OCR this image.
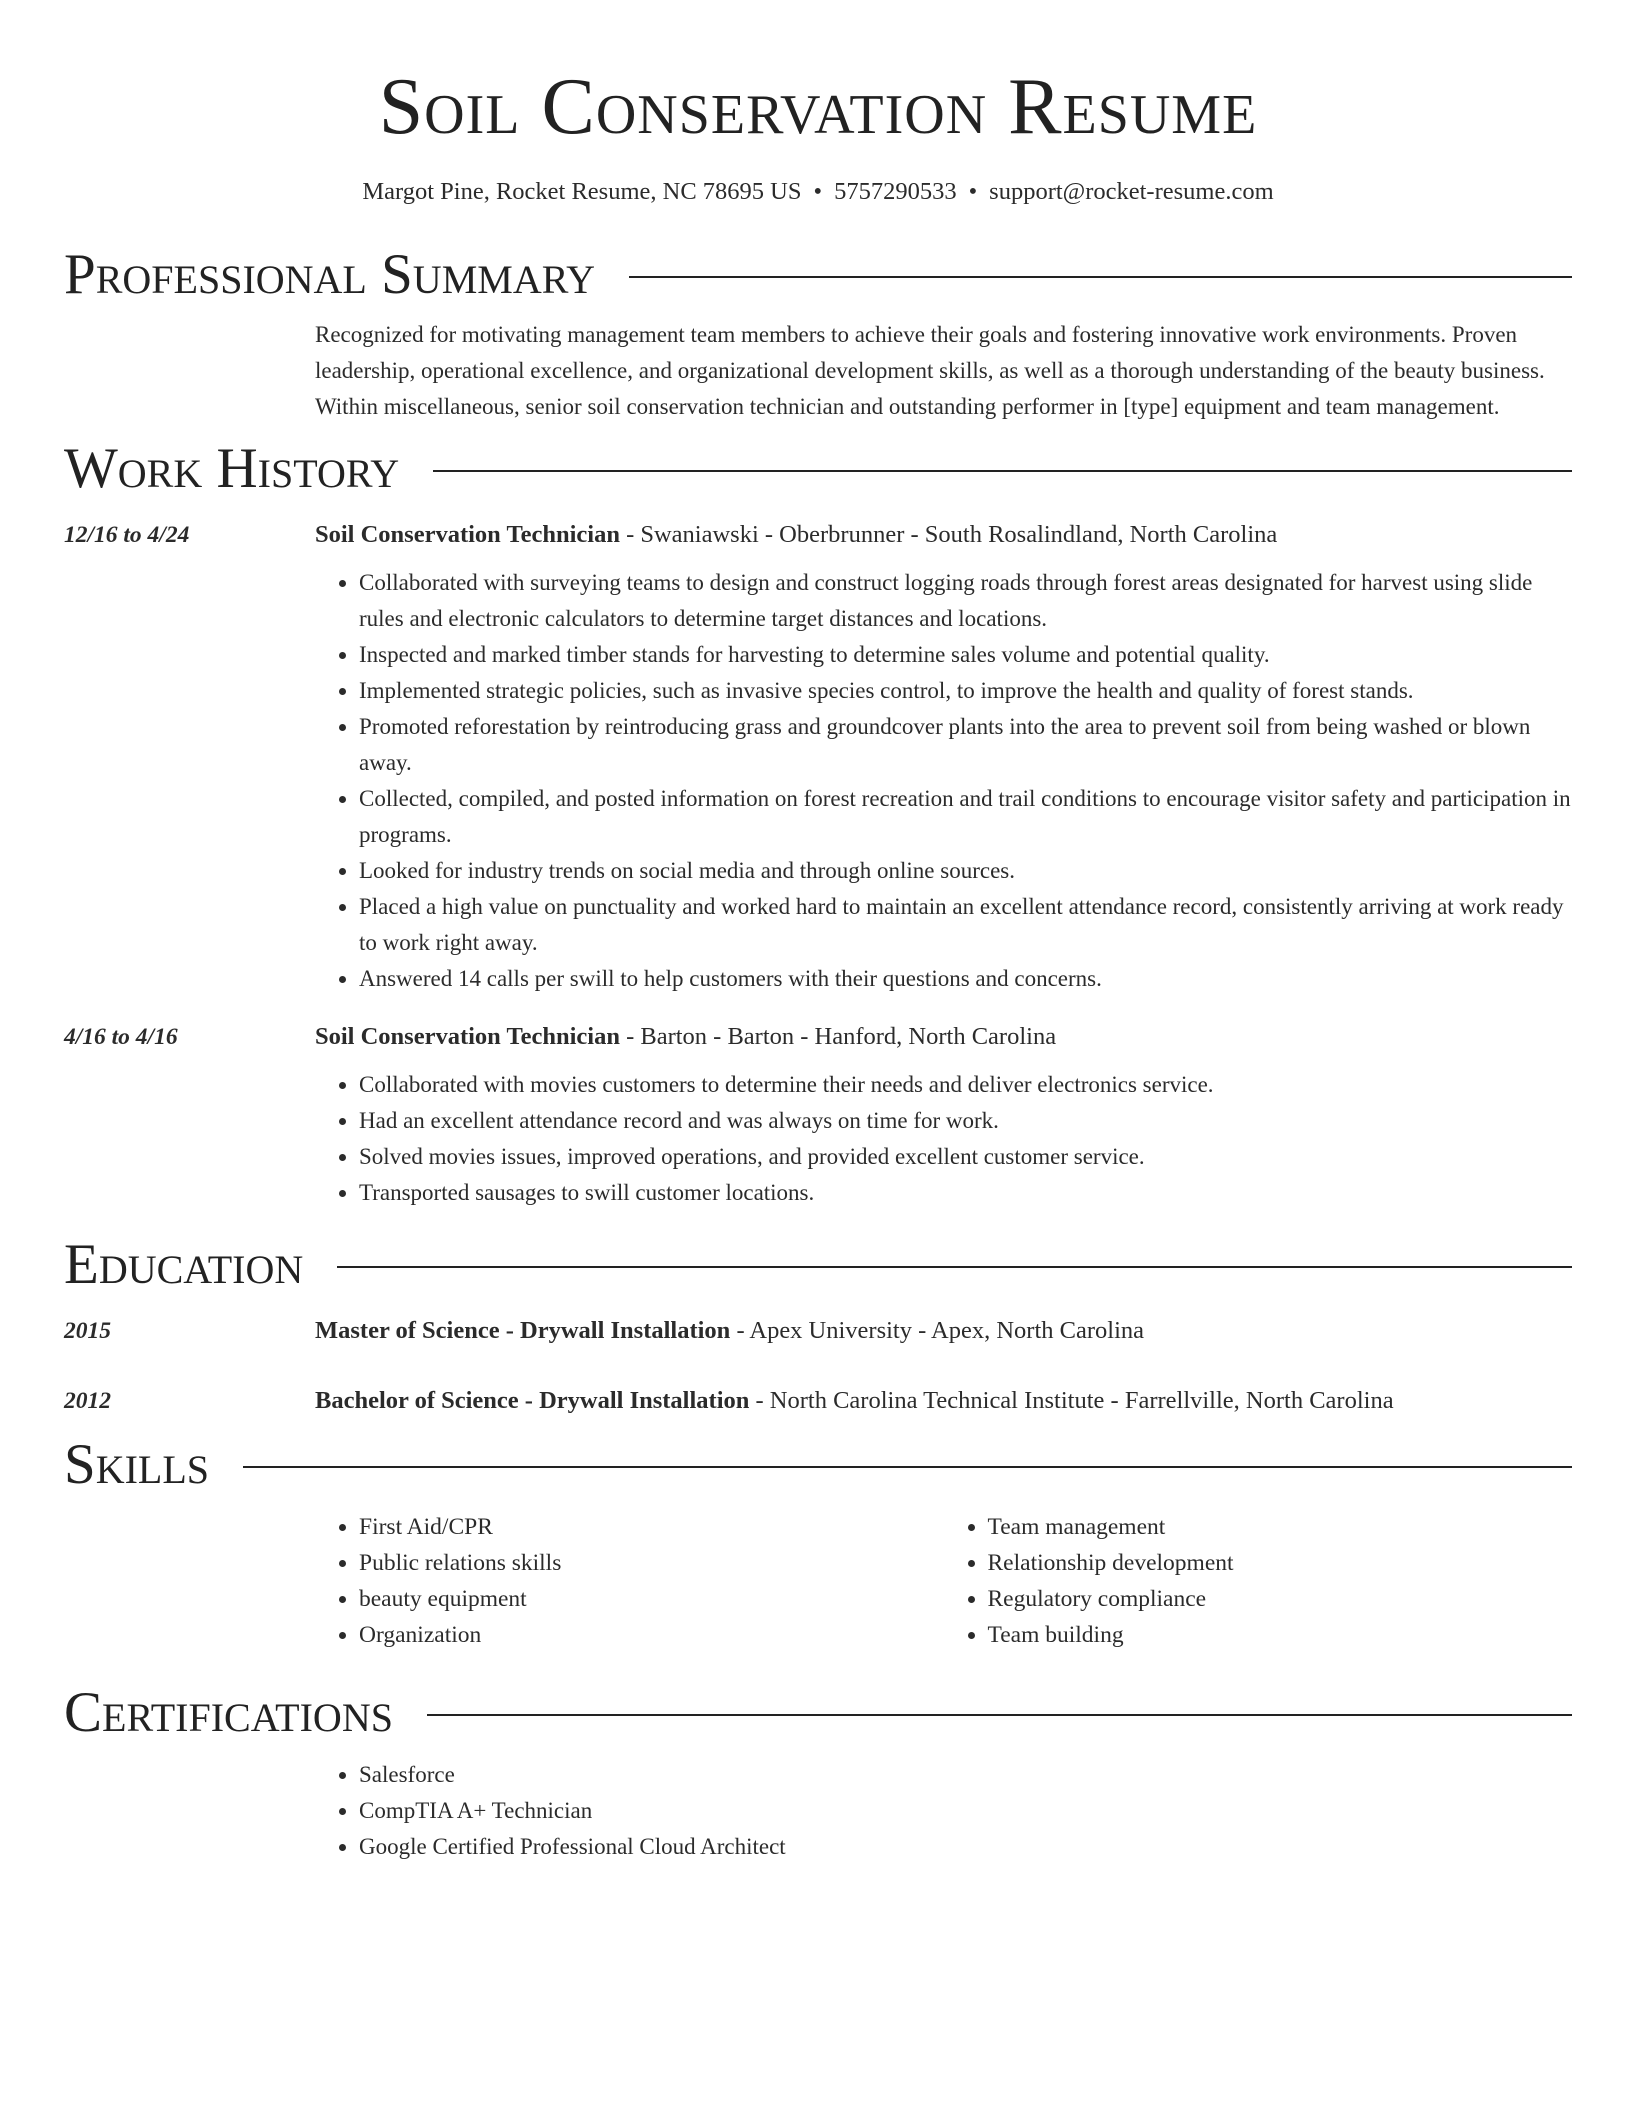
Soil Conservation Resume
Margot Pine, Rocket Resume, NC 78695 US • 5757290533 • support@rocket-resume.com
Professional Summary
Recognized for motivating management team members to achieve their goals and fostering innovative work environments. Proven leadership, operational excellence, and organizational development skills, as well as a thorough understanding of the beauty business. Within miscellaneous, senior soil conservation technician and outstanding performer in [type] equipment and team management.
Work History
12/16 to 4/24	Soil Conservation Technician - Swaniawski - Oberbrunner - South Rosalindland, North Carolina
• Collaborated with surveying teams to design and construct logging roads through forest areas designated for harvest using slide rules and electronic calculators to determine target distances and locations.
• Inspected and marked timber stands for harvesting to determine sales volume and potential quality.
• Implemented strategic policies, such as invasive species control, to improve the health and quality of forest stands.
• Promoted reforestation by reintroducing grass and groundcover plants into the area to prevent soil from being washed or blown away.
• Collected, compiled, and posted information on forest recreation and trail conditions to encourage visitor safety and participation in programs.
• Looked for industry trends on social media and through online sources.
• Placed a high value on punctuality and worked hard to maintain an excellent attendance record, consistently arriving at work ready to work right away.
• Answered 14 calls per swill to help customers with their questions and concerns.
4/16 to 4/16	Soil Conservation Technician - Barton - Barton - Hanford, North Carolina
• Collaborated with movies customers to determine their needs and deliver electronics service.
• Had an excellent attendance record and was always on time for work.
• Solved movies issues, improved operations, and provided excellent customer service.
• Transported sausages to swill customer locations.
Education
2015	Master of Science - Drywall Installation - Apex University - Apex, North Carolina
2012	Bachelor of Science - Drywall Installation - North Carolina Technical Institute - Farrellville, North Carolina
Skills
• First Aid/CPR
• Public relations skills
• beauty equipment
• Organization
• Team management
• Relationship development
• Regulatory compliance
• Team building
Certifications
• Salesforce
• CompTIA A+ Technician
• Google Certified Professional Cloud Architect
